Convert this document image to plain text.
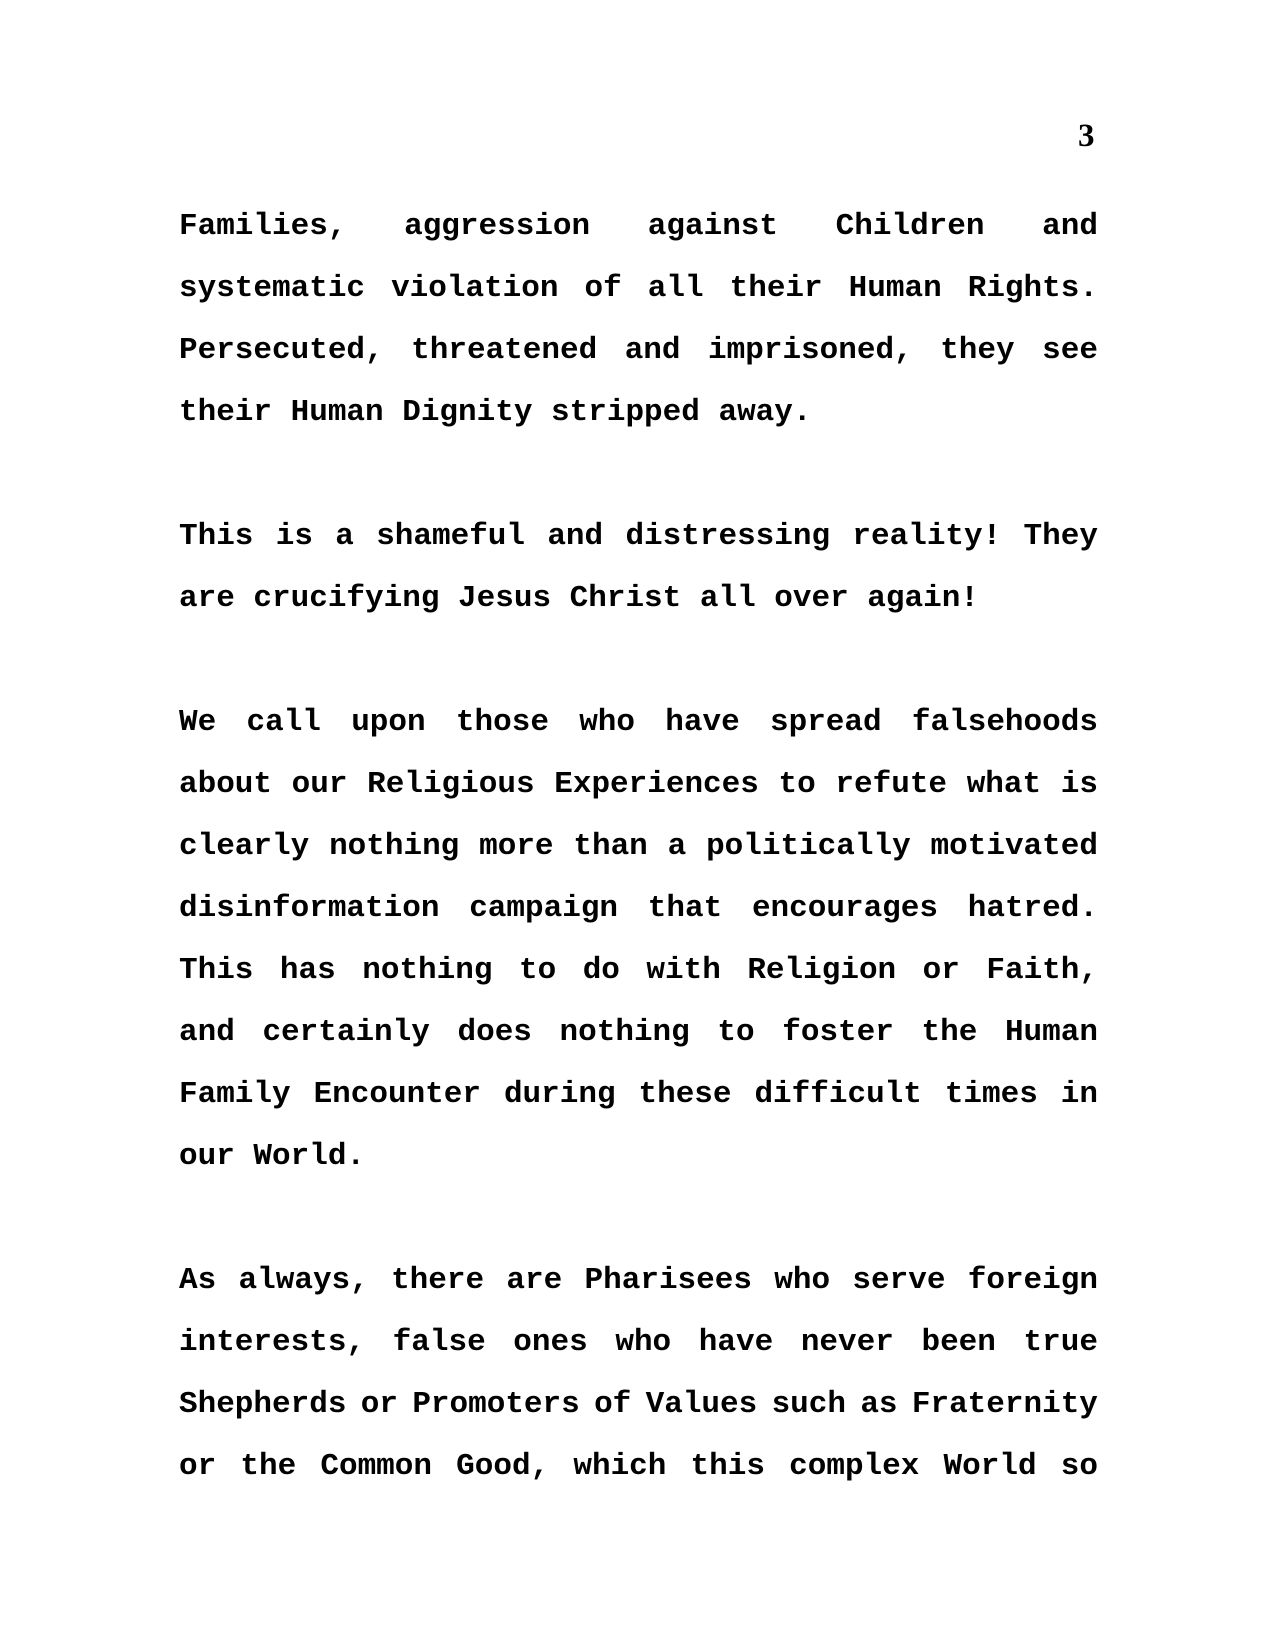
3
Families, aggression against Children and
systematic violation of all their Human Rights.
Persecuted, threatened and imprisoned, they see
their Human Dignity stripped away.
This is a shameful and distressing reality! They
are crucifying Jesus Christ all over again!
We call upon those who have spread falsehoods
about our Religious Experiences to refute what is
clearly nothing more than a politically motivated
disinformation campaign that encourages hatred.
This has nothing to do with Religion or Faith,
and certainly does nothing to foster the Human
Family Encounter during these difficult times in
our World.
As always, there are Pharisees who serve foreign
interests, false ones who have never been true
Shepherds or Promoters of Values such as Fraternity
or the Common Good, which this complex World so
